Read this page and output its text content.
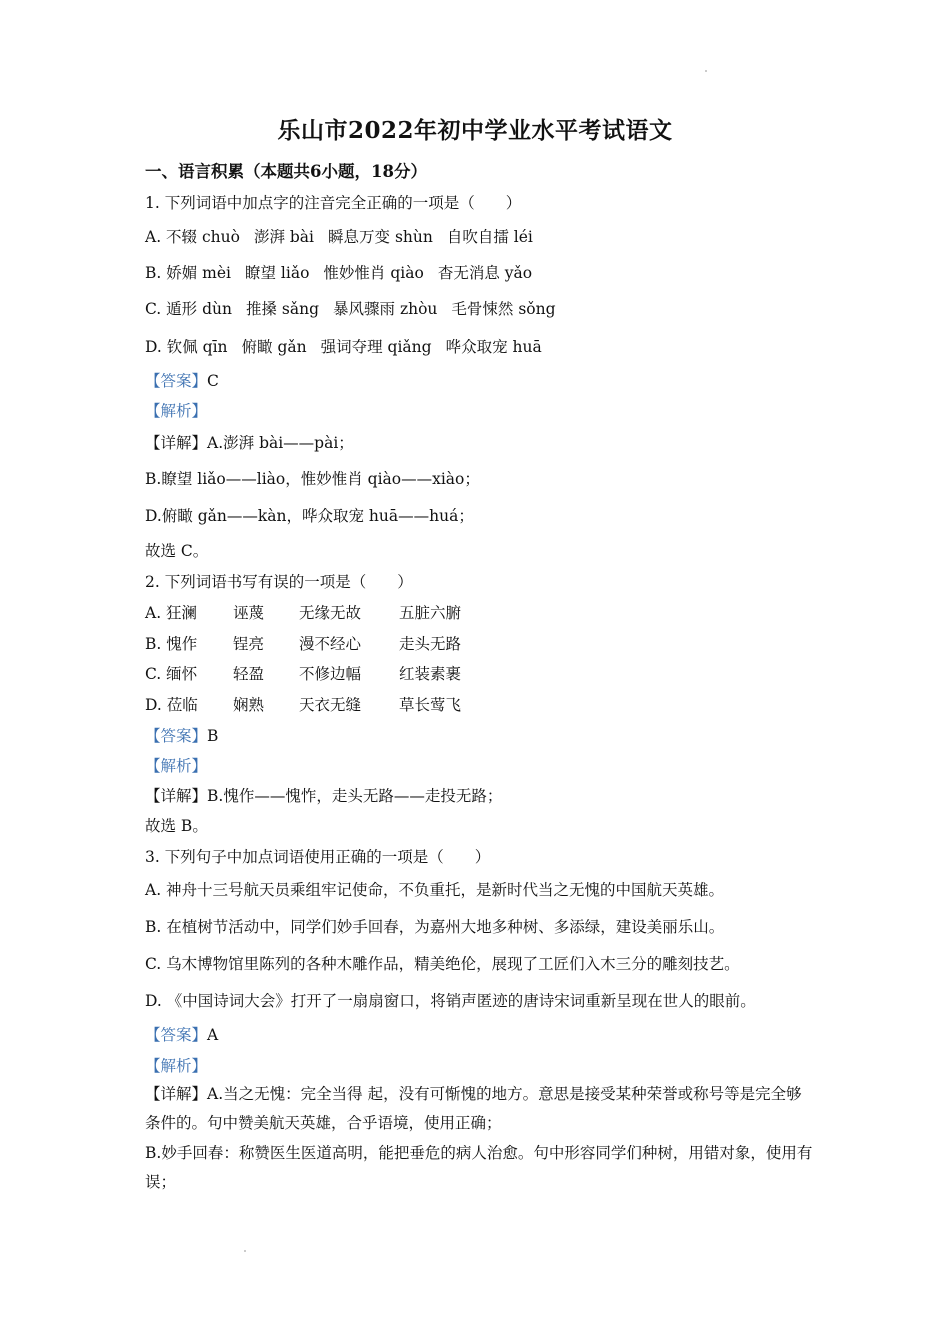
乐山市2022年初中学业水平考试语文
一、语言积累（本题共6小题，18分）
1. 下列词语中加点字的注音完全正确的一项是（　　）
A. 不辍 chuò 澎湃 bài 瞬息万变 shùn 自吹自擂 léi
B. 娇媚 mèi 瞭望 liǎo 惟妙惟肖 qiào 杳无消息 yǎo
C. 遁形 dùn 推搡 sǎng 暴风骤雨 zhòu 毛骨悚然 sǒng
D. 钦佩 qīn 俯瞰 gǎn 强词夺理 qiǎng 哗众取宠 huā
【答案】C
【解析】
【详解】A.澎湃 bài——pài；
B.瞭望 liǎo——liào，惟妙惟肖 qiào——xiào；
D.俯瞰 gǎn——kàn，哗众取宠 huā——huá；
故选 C。
2. 下列词语书写有误的一项是（　　）
A. 狂澜 诬蔑 无缘无故 五脏六腑
B. 愧作 锃亮 漫不经心 走头无路
C. 缅怀 轻盈 不修边幅 红装素裹
D. 莅临 娴熟 天衣无缝 草长莺飞
【答案】B
【解析】
【详解】B.愧作——愧怍，走头无路——走投无路；
故选 B。
3. 下列句子中加点词语使用正确的一项是（　　）
A. 神舟十三号航天员乘组牢记使命，不负重托，是新时代当之无愧的中国航天英雄。
B. 在植树节活动中，同学们妙手回春，为嘉州大地多种树、多添绿，建设美丽乐山。
C. 乌木博物馆里陈列的各种木雕作品，精美绝伦，展现了工匠们入木三分的雕刻技艺。
D. 《中国诗词大会》打开了一扇扇窗口，将销声匿迹的唐诗宋词重新呈现在世人的眼前。
【答案】A
【解析】
【详解】A.当之无愧：完全当得 起，没有可惭愧的地方。意思是接受某种荣誉或称号等是完全够条件的。句中赞美航天英雄，合乎语境，使用正确；
B.妙手回春：称赞医生医道高明，能把垂危的病人治愈。句中形容同学们种树，用错对象，使用有误；
